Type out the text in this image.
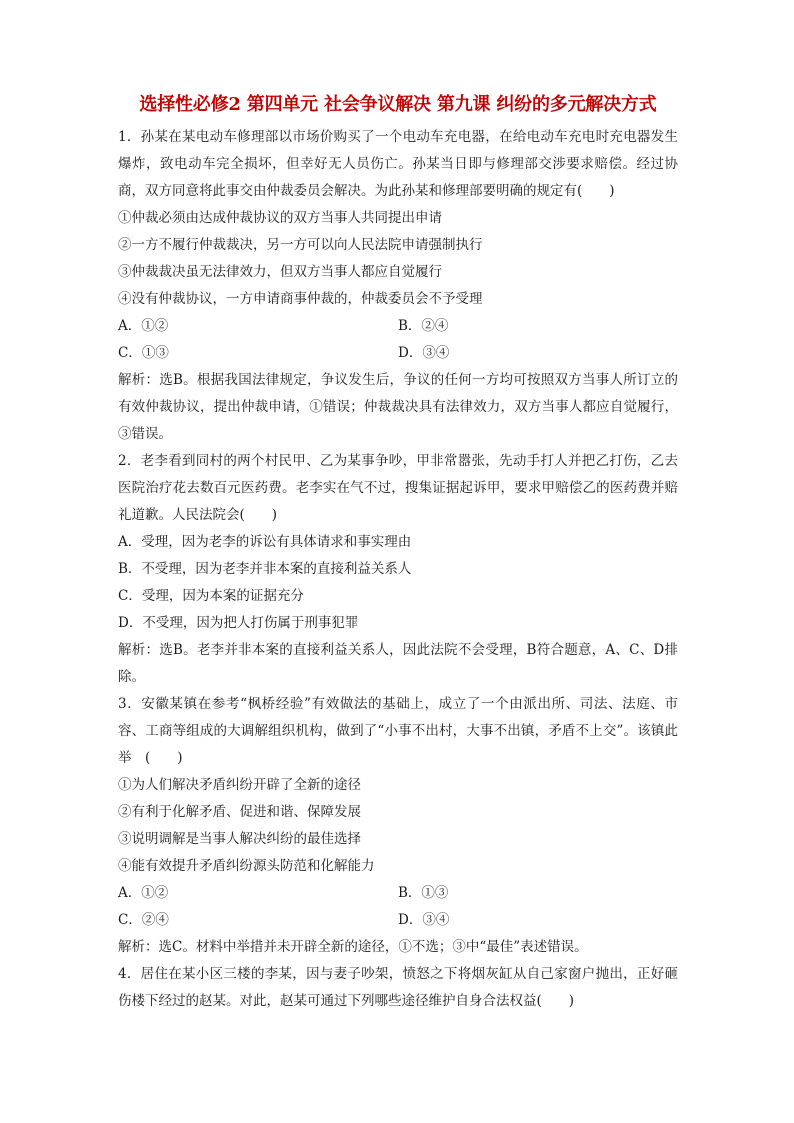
选择性必修2 第四单元 社会争议解决 第九课 纠纷的多元解决方式

1．孙某在某电动车修理部以市场价购买了一个电动车充电器，在给电动车充电时充电器发生爆炸，致电动车完全损坏，但幸好无人员伤亡。孙某当日即与修理部交涉要求赔偿。经过协商，双方同意将此事交由仲裁委员会解决。为此孙某和修理部要明确的规定有(　　)

①仲裁必须由达成仲裁协议的双方当事人共同提出申请

②一方不履行仲裁裁决，另一方可以向人民法院申请强制执行

③仲裁裁决虽无法律效力，但双方当事人都应自觉履行

④没有仲裁协议，一方申请商事仲裁的，仲裁委员会不予受理

A．①②	B．②④
C．①③	D．③④

解析：选B。根据我国法律规定，争议发生后，争议的任何一方均可按照双方当事人所订立的有效仲裁协议，提出仲裁申请，①错误；仲裁裁决具有法律效力，双方当事人都应自觉履行，③错误。

2．老李看到同村的两个村民甲、乙为某事争吵，甲非常嚣张，先动手打人并把乙打伤，乙去医院治疗花去数百元医药费。老李实在气不过，搜集证据起诉甲，要求甲赔偿乙的医药费并赔礼道歉。人民法院会(　　)

A．受理，因为老李的诉讼有具体请求和事实理由

B．不受理，因为老李并非本案的直接利益关系人

C．受理，因为本案的证据充分

D．不受理，因为把人打伤属于刑事犯罪

解析：选B。老李并非本案的直接利益关系人，因此法院不会受理，B符合题意，A、C、D排除。

3．安徽某镇在参考“枫桥经验”有效做法的基础上，成立了一个由派出所、司法、法庭、市容、工商等组成的大调解组织机构，做到了“小事不出村，大事不出镇，矛盾不上交”。该镇此举　(　　)

①为人们解决矛盾纠纷开辟了全新的途径

②有利于化解矛盾、促进和谐、保障发展

③说明调解是当事人解决纠纷的最佳选择

④能有效提升矛盾纠纷源头防范和化解能力

A．①②	B．①③
C．②④	D．③④

解析：选C。材料中举措并未开辟全新的途径，①不选；③中“最佳”表述错误。

4．居住在某小区三楼的李某，因与妻子吵架，愤怒之下将烟灰缸从自己家窗户抛出，正好砸伤楼下经过的赵某。对此，赵某可通过下列哪些途径维护自身合法权益(　　)
